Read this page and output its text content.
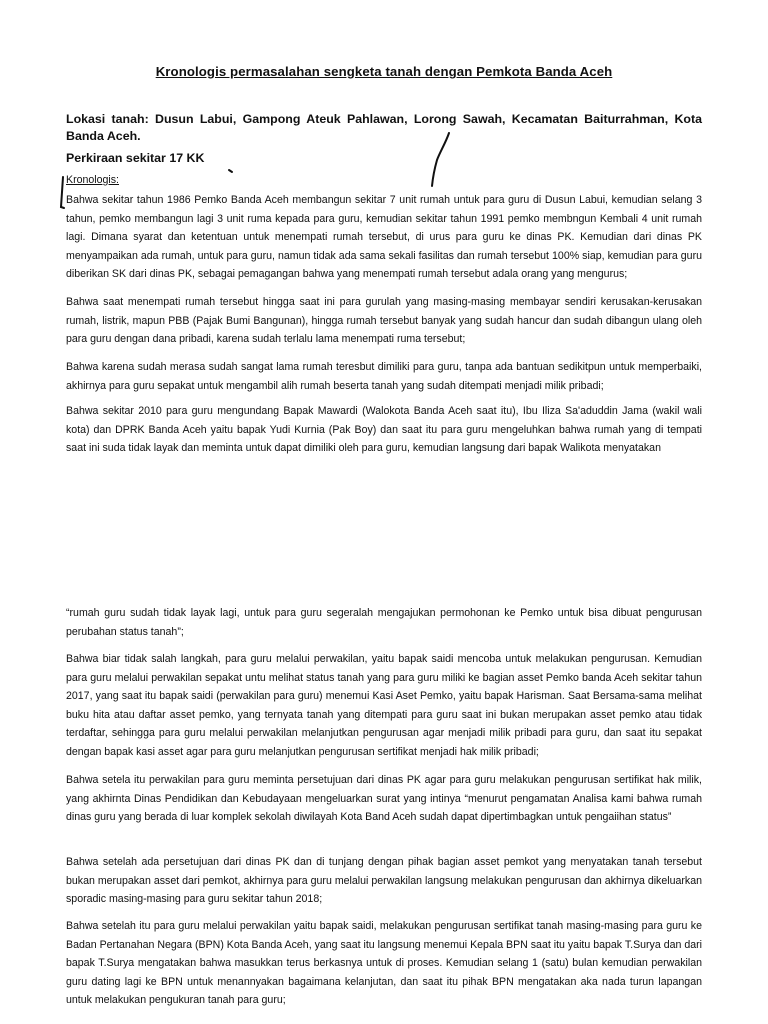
Kronologis permasalahan sengketa tanah dengan Pemkota Banda Aceh
Lokasi tanah: Dusun Labui, Gampong Ateuk Pahlawan, Lorong Sawah, Kecamatan Baiturrahman, Kota Banda Aceh.
Perkiraan sekitar 17 KK
Kronologis:

Bahwa sekitar tahun 1986 Pemko Banda Aceh membangun sekitar 7 unit rumah untuk para guru di Dusun Labui, kemudian selang 3 tahun, pemko membangun lagi 3 unit ruma kepada para guru, kemudian sekitar tahun 1991 pemko membngun Kembali 4 unit rumah lagi. Dimana syarat dan ketentuan untuk menempati rumah tersebut, di urus para guru ke dinas PK. Kemudian dari dinas PK menyampaikan ada rumah, untuk para guru, namun tidak ada sama sekali fasilitas dan rumah tersebut 100% siap, kemudian para guru diberikan SK dari dinas PK, sebagai pemagangan bahwa yang menempati rumah tersebut adala orang yang mengurus;

Bahwa saat menempati rumah tersebut hingga saat ini para gurulah yang masing-masing membayar sendiri kerusakan-kerusakan rumah, listrik, mapun PBB (Pajak Bumi Bangunan), hingga rumah tersebut banyak yang sudah hancur dan sudah dibangun ulang oleh para guru dengan dana pribadi, karena sudah terlalu lama menempati ruma tersebut;

Bahwa karena sudah merasa sudah sangat lama rumah teresbut dimiliki para guru, tanpa ada bantuan sedikitpun untuk memperbaiki, akhirnya para guru sepakat untuk mengambil alih rumah beserta tanah yang sudah ditempati menjadi milik pribadi;

Bahwa sekitar 2010 para guru mengundang Bapak Mawardi (Walokota Banda Aceh saat itu), Ibu Iliza Sa'aduddin Jama (wakil wali kota) dan DPRK Banda Aceh yaitu bapak Yudi Kurnia (Pak Boy) dan saat itu para guru mengeluhkan bahwa rumah yang di tempati saat ini suda tidak layak dan meminta untuk dapat dimiliki oleh para guru, kemudian langsung dari bapak Walikota menyatakan

“rumah guru sudah tidak layak lagi, untuk para guru segeralah mengajukan permohonan ke Pemko untuk bisa dibuat pengurusan perubahan status tanah”;

Bahwa biar tidak salah langkah, para guru melalui perwakilan, yaitu bapak saidi mencoba untuk melakukan pengurusan. Kemudian para guru melalui perwakilan sepakat untu melihat status tanah yang para guru miliki ke bagian asset Pemko banda Aceh sekitar tahun 2017, yang saat itu bapak saidi (perwakilan para guru) menemui Kasi Aset Pemko, yaitu bapak Harisman. Saat Bersama-sama melihat buku hita atau daftar asset pemko, yang ternyata tanah yang ditempati para guru saat ini bukan merupakan asset pemko atau tidak terdaftar, sehingga para guru melalui perwakilan melanjutkan pengurusan agar menjadi milik pribadi para guru, dan saat itu sepakat dengan bapak kasi asset agar para guru melanjutkan pengurusan sertifikat menjadi hak milik pribadi;

Bahwa setela itu perwakilan para guru meminta persetujuan dari dinas PK agar para guru melakukan pengurusan sertifikat hak milik, yang akhirnta Dinas Pendidikan dan Kebudayaan mengeluarkan surat yang intinya “menurut pengamatan Analisa kami bahwa rumah dinas guru yang berada di luar komplek sekolah diwilayah Kota Band Aceh sudah dapat dipertimbagkan untuk pengaiihan status”

Bahwa setelah ada persetujuan dari dinas PK dan di tunjang dengan pihak bagian asset pemkot yang menyatakan tanah tersebut bukan merupakan asset dari pemkot, akhirnya para guru melalui perwakilan langsung melakukan pengurusan dan akhirnya dikeluarkan sporadic masing-masing para guru sekitar tahun 2018;

Bahwa setelah itu para guru melalui perwakilan yaitu bapak saidi, melakukan pengurusan sertifikat tanah masing-masing para guru ke Badan Pertanahan Negara (BPN) Kota Banda Aceh, yang saat itu langsung menemui Kepala BPN saat itu yaitu bapak T.Surya dan dari bapak T.Surya mengatakan bahwa masukkan terus berkasnya untuk di proses. Kemudian selang 1 (satu) bulan kemudian perwakilan guru dating lagi ke BPN untuk menannyakan bagaimana kelanjutan, dan saat itu pihak BPN mengatakan aka nada turun lapangan untuk melakukan pengukuran tanah para guru;
